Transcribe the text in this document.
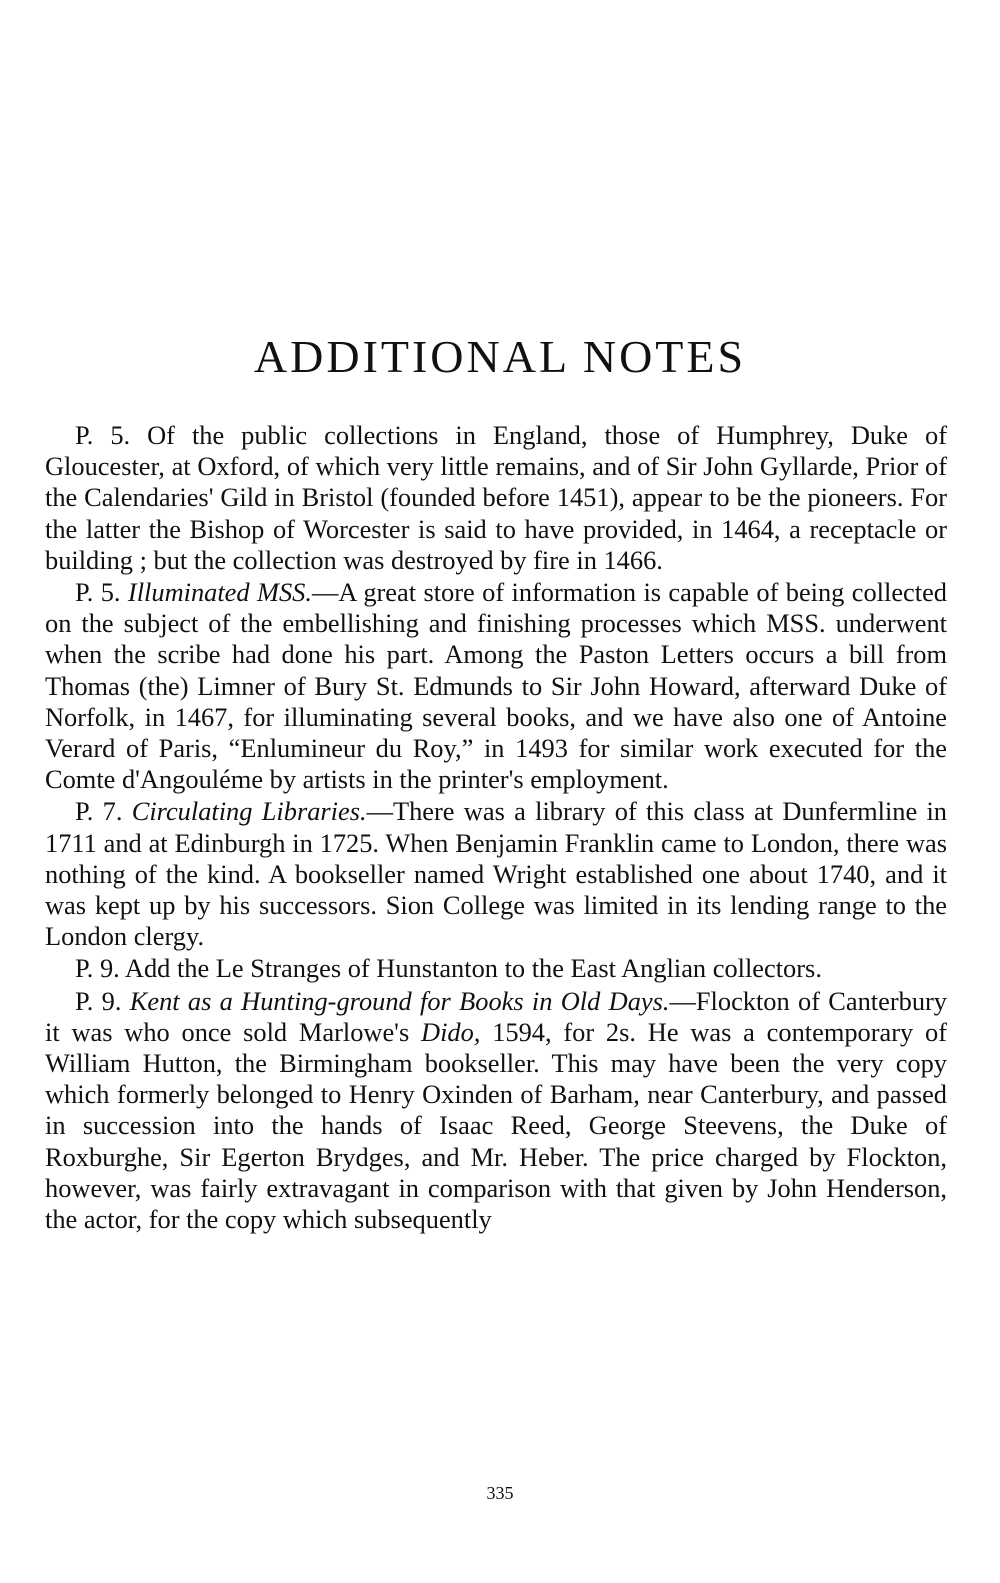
ADDITIONAL NOTES

P. 5. Of the public collections in England, those of Humphrey, Duke of Gloucester, at Oxford, of which very little remains, and of Sir John Gyllarde, Prior of the Calendaries' Gild in Bristol (founded before 1451), appear to be the pioneers. For the latter the Bishop of Worcester is said to have provided, in 1464, a receptacle or building ; but the collection was destroyed by fire in 1466.

P. 5. Illuminated MSS.—A great store of information is capable of being collected on the subject of the embellishing and finishing processes which MSS. underwent when the scribe had done his part. Among the Paston Letters occurs a bill from Thomas (the) Limner of Bury St. Edmunds to Sir John Howard, afterward Duke of Norfolk, in 1467, for illuminating several books, and we have also one of Antoine Verard of Paris, “Enlumineur du Roy,” in 1493 for similar work executed for the Comte d'Angouléme by artists in the printer's employment.

P. 7. Circulating Libraries.—There was a library of this class at Dunfermline in 1711 and at Edinburgh in 1725. When Benjamin Franklin came to London, there was nothing of the kind. A bookseller named Wright established one about 1740, and it was kept up by his successors. Sion College was limited in its lending range to the London clergy.

P. 9. Add the Le Stranges of Hunstanton to the East Anglian collectors.

P. 9. Kent as a Hunting-ground for Books in Old Days.—Flockton of Canterbury it was who once sold Marlowe's Dido, 1594, for 2s. He was a contemporary of William Hutton, the Birmingham bookseller. This may have been the very copy which formerly belonged to Henry Oxinden of Barham, near Canterbury, and passed in succession into the hands of Isaac Reed, George Steevens, the Duke of Roxburghe, Sir Egerton Brydges, and Mr. Heber. The price charged by Flockton, however, was fairly extravagant in comparison with that given by John Henderson, the actor, for the copy which subsequently

335
